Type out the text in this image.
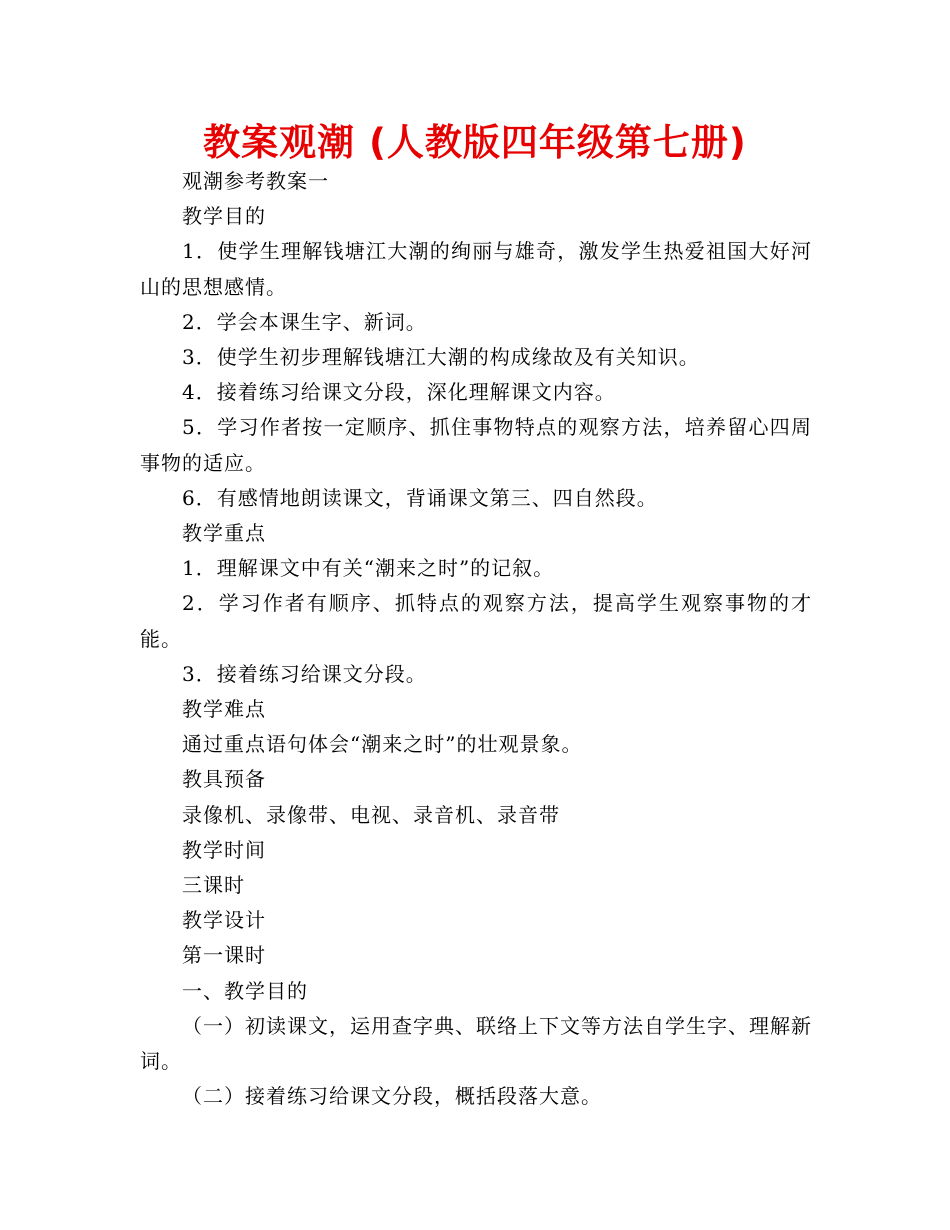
教案观潮 (人教版四年级第七册)

观潮参考教案一

教学目的

1．使学生理解钱塘江大潮的绚丽与雄奇，激发学生热爱祖国大好河山的思想感情。

2．学会本课生字、新词。

3．使学生初步理解钱塘江大潮的构成缘故及有关知识。

4．接着练习给课文分段，深化理解课文内容。

5．学习作者按一定顺序、抓住事物特点的观察方法，培养留心四周事物的适应。

6．有感情地朗读课文，背诵课文第三、四自然段。

教学重点

1．理解课文中有关“潮来之时”的记叙。

2．学习作者有顺序、抓特点的观察方法，提高学生观察事物的才能。

3．接着练习给课文分段。

教学难点

通过重点语句体会“潮来之时”的壮观景象。

教具预备

录像机、录像带、电视、录音机、录音带

教学时间

三课时

教学设计

第一课时

一、教学目的

（一）初读课文，运用查字典、联络上下文等方法自学生字、理解新词。

（二）接着练习给课文分段，概括段落大意。
